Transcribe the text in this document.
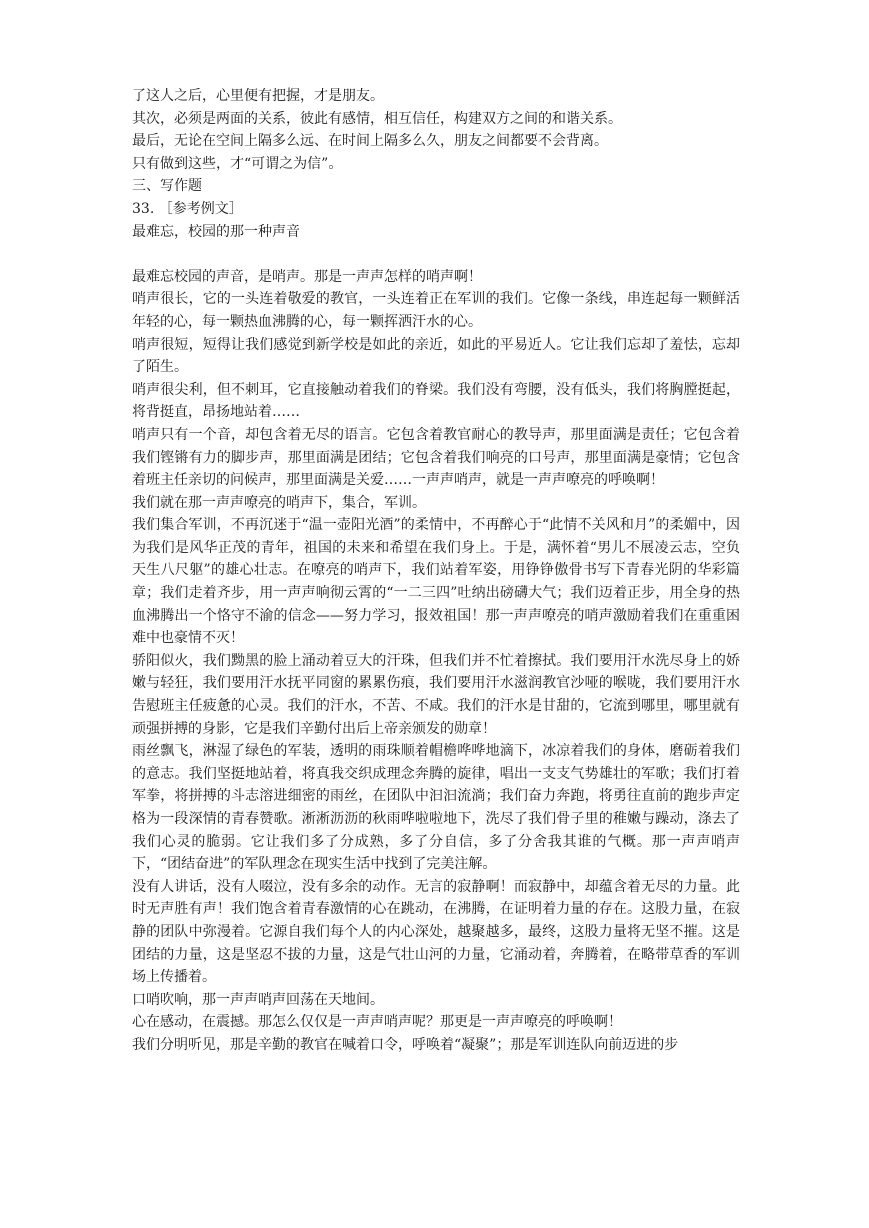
了这人之后，心里便有把握，才是朋友。

其次，必须是两面的关系，彼此有感情，相互信任，构建双方之间的和谐关系。

最后，无论在空间上隔多么远、在时间上隔多么久，朋友之间都要不会背离。

只有做到这些，才“可谓之为信”。

三、写作题

33. ［参考例文］

最难忘，校园的那一种声音

最难忘校园的声音，是哨声。那是一声声怎样的哨声啊！

哨声很长，它的一头连着敬爱的教官，一头连着正在军训的我们。它像一条线，串连起每一颗鲜活年轻的心，每一颗热血沸腾的心，每一颗挥洒汗水的心。

哨声很短，短得让我们感觉到新学校是如此的亲近，如此的平易近人。它让我们忘却了羞怯，忘却了陌生。

哨声很尖利，但不刺耳，它直接触动着我们的脊梁。我们没有弯腰，没有低头，我们将胸膛挺起，将背挺直，昂扬地站着……

哨声只有一个音，却包含着无尽的语言。它包含着教官耐心的教导声，那里面满是责任；它包含着我们铿锵有力的脚步声，那里面满是团结；它包含着我们响亮的口号声，那里面满是豪情；它包含着班主任亲切的问候声，那里面满是关爱……一声声哨声，就是一声声嘹亮的呼唤啊！

我们就在那一声声嘹亮的哨声下，集合，军训。

我们集合军训，不再沉迷于“温一壶阳光酒”的柔情中，不再醉心于“此情不关风和月”的柔媚中，因为我们是风华正茂的青年，祖国的未来和希望在我们身上。于是，满怀着“男儿不展凌云志，空负天生八尺躯”的雄心壮志。在嘹亮的哨声下，我们站着军姿，用铮铮傲骨书写下青春光阴的华彩篇章；我们走着齐步，用一声声响彻云霄的“一二三四”吐纳出磅礴大气；我们迈着正步，用全身的热血沸腾出一个恪守不渝的信念——努力学习，报效祖国！那一声声嘹亮的哨声激励着我们在重重困难中也豪情不灭！

骄阳似火，我们黝黑的脸上涌动着豆大的汗珠，但我们并不忙着擦拭。我们要用汗水洗尽身上的娇嫩与轻狂，我们要用汗水抚平同窗的累累伤痕，我们要用汗水滋润教官沙哑的喉咙，我们要用汗水告慰班主任疲惫的心灵。我们的汗水，不苦、不咸。我们的汗水是甘甜的，它流到哪里，哪里就有顽强拼搏的身影，它是我们辛勤付出后上帝亲颁发的勋章！

雨丝飘飞，淋湿了绿色的军装，透明的雨珠顺着帽檐哗哗地滴下，冰凉着我们的身体，磨砺着我们的意志。我们坚挺地站着，将真我交织成理念奔腾的旋律，唱出一支支气势雄壮的军歌；我们打着军拳，将拼搏的斗志溶进细密的雨丝，在团队中汩汩流淌；我们奋力奔跑，将勇往直前的跑步声定格为一段深情的青春赞歌。淅淅沥沥的秋雨哗啦啦地下，洗尽了我们骨子里的稚嫩与躁动，涤去了我们心灵的脆弱。它让我们多了分成熟，多了分自信，多了分舍我其谁的气概。那一声声哨声下，“团结奋进”的军队理念在现实生活中找到了完美注解。

没有人讲话，没有人啜泣，没有多余的动作。无言的寂静啊！而寂静中，却蕴含着无尽的力量。此时无声胜有声！我们饱含着青春激情的心在跳动，在沸腾，在证明着力量的存在。这股力量，在寂静的团队中弥漫着。它源自我们每个人的内心深处，越聚越多，最终，这股力量将无坚不摧。这是团结的力量，这是坚忍不拔的力量，这是气壮山河的力量，它涌动着，奔腾着，在略带草香的军训场上传播着。

口哨吹响，那一声声哨声回荡在天地间。

心在感动，在震撼。那怎么仅仅是一声声哨声呢？那更是一声声嘹亮的呼唤啊！

我们分明听见，那是辛勤的教官在喊着口令，呼唤着“凝聚”；那是军训连队向前迈进的步
